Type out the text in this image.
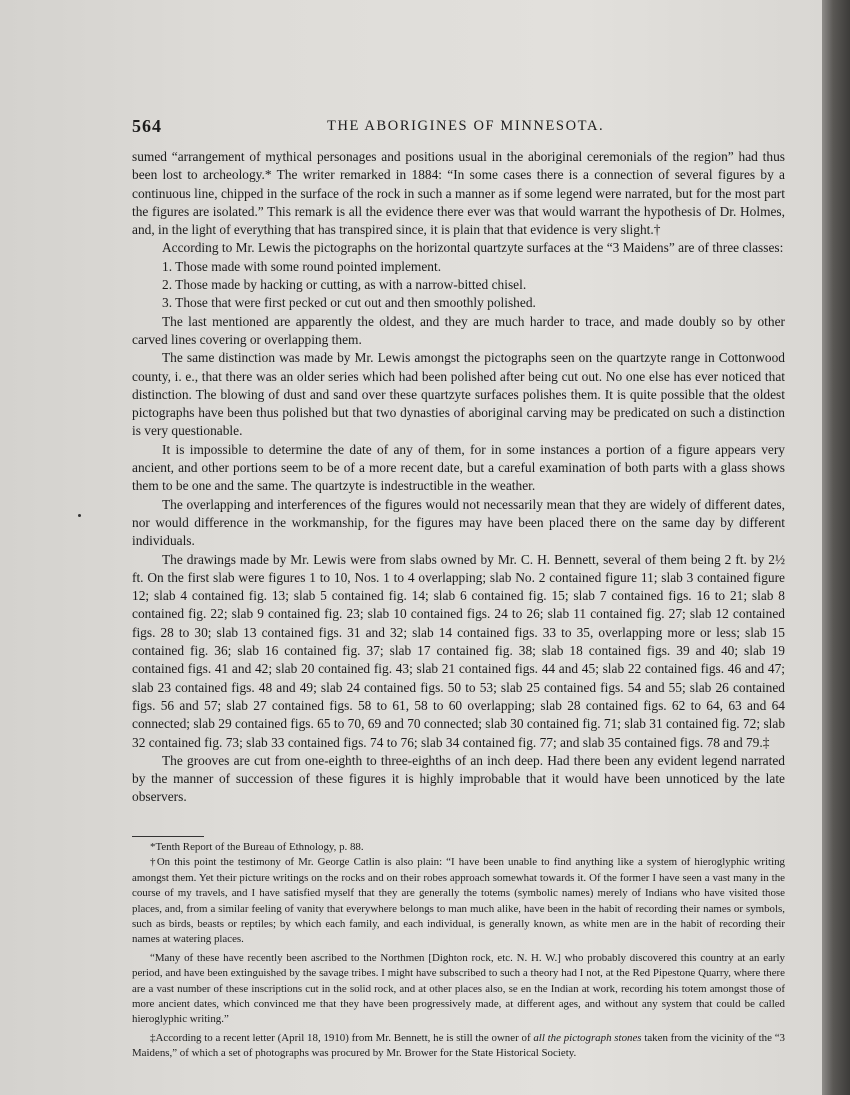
564	THE ABORIGINES OF MINNESOTA.

sumed “arrangement of mythical personages and positions usual in the aboriginal ceremonials of the region” had thus been lost to archeology.* The writer remarked in 1884: “In some cases there is a connection of several figures by a continuous line, chipped in the surface of the rock in such a manner as if some legend were narrated, but for the most part the figures are isolated.” This remark is all the evidence there ever was that would warrant the hypothesis of Dr. Holmes, and, in the light of everything that has transpired since, it is plain that that evidence is very slight.†

According to Mr. Lewis the pictographs on the horizontal quartzyte surfaces at the “3 Maidens” are of three classes:

1. Those made with some round pointed implement.
2. Those made by hacking or cutting, as with a narrow-bitted chisel.
3. Those that were first pecked or cut out and then smoothly polished.

The last mentioned are apparently the oldest, and they are much harder to trace, and made doubly so by other carved lines covering or overlapping them.

The same distinction was made by Mr. Lewis amongst the pictographs seen on the quartzyte range in Cottonwood county, i. e., that there was an older series which had been polished after being cut out. No one else has ever noticed that distinction. The blowing of dust and sand over these quartzyte surfaces polishes them. It is quite possible that the oldest pictographs have been thus polished but that two dynasties of aboriginal carving may be predicated on such a distinction is very questionable.

It is impossible to determine the date of any of them, for in some instances a portion of a figure appears very ancient, and other portions seem to be of a more recent date, but a careful examination of both parts with a glass shows them to be one and the same. The quartzyte is indestructible in the weather.

The overlapping and interferences of the figures would not necessarily mean that they are widely of different dates, nor would difference in the workmanship, for the figures may have been placed there on the same day by different individuals.

The drawings made by Mr. Lewis were from slabs owned by Mr. C. H. Bennett, several of them being 2 ft. by 2½ ft. On the first slab were figures 1 to 10, Nos. 1 to 4 overlapping; slab No. 2 contained figure 11; slab 3 contained figure 12; slab 4 contained fig. 13; slab 5 contained fig. 14; slab 6 contained fig. 15; slab 7 contained figs. 16 to 21; slab 8 contained fig. 22; slab 9 contained fig. 23; slab 10 contained figs. 24 to 26; slab 11 contained fig. 27; slab 12 contained figs. 28 to 30; slab 13 contained figs. 31 and 32; slab 14 contained figs. 33 to 35, overlapping more or less; slab 15 contained fig. 36; slab 16 contained fig. 37; slab 17 contained fig. 38; slab 18 contained figs. 39 and 40; slab 19 contained figs. 41 and 42; slab 20 contained fig. 43; slab 21 contained figs. 44 and 45; slab 22 contained figs. 46 and 47; slab 23 contained figs. 48 and 49; slab 24 contained figs. 50 to 53; slab 25 contained figs. 54 and 55; slab 26 contained figs. 56 and 57; slab 27 contained figs. 58 to 61, 58 to 60 overlapping; slab 28 contained figs. 62 to 64, 63 and 64 connected; slab 29 contained figs. 65 to 70, 69 and 70 connected; slab 30 contained fig. 71; slab 31 contained fig. 72; slab 32 contained fig. 73; slab 33 contained figs. 74 to 76; slab 34 contained fig. 77; and slab 35 contained figs. 78 and 79.‡

The grooves are cut from one-eighth to three-eighths of an inch deep. Had there been any evident legend narrated by the manner of succession of these figures it is highly improbable that it would have been unnoticed by the late observers.

*Tenth Report of the Bureau of Ethnology, p. 88.

†On this point the testimony of Mr. George Catlin is also plain: “I have been unable to find anything like a system of hieroglyphic writing amongst them. Yet their picture writings on the rocks and on their robes approach somewhat towards it. Of the former I have seen a vast many in the course of my travels, and I have satisfied myself that they are generally the totems (symbolic names) merely of Indians who have visited those places, and, from a similar feeling of vanity that everywhere belongs to man much alike, have been in the habit of recording their names or symbols, such as birds, beasts or reptiles; by which each family, and each individual, is generally known, as white men are in the habit of recording their names at watering places.

“Many of these have recently been ascribed to the Northmen [Dighton rock, etc. N. H. W.] who probably discovered this country at an early period, and have been extinguished by the savage tribes. I might have subscribed to such a theory had I not, at the Red Pipestone Quarry, where there are a vast number of these inscriptions cut in the solid rock, and at other places also, se en the Indian at work, recording his totem amongst those of more ancient dates, which convinced me that they have been progressively made, at different ages, and without any system that could be called hieroglyphic writing.”

‡According to a recent letter (April 18, 1910) from Mr. Bennett, he is still the owner of all the pictograph stones taken from the vicinity of the “3 Maidens,” of which a set of photographs was procured by Mr. Brower for the State Historical Society.
